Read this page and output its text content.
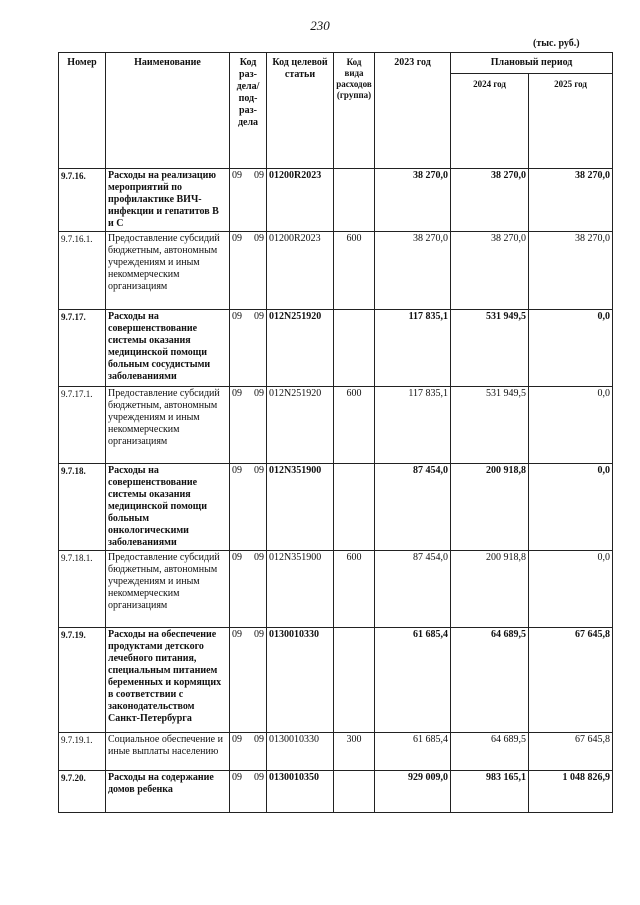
230
(тыс. руб.)
Номер	Наименование	Код раз-дела/ под-раз-дела		Код целевой статьи	Код вида расходов (группа)	2023 год	Плановый период	
							2024 год	2025 год
9.7.16.	Расходы на реализацию мероприятий по профилактике ВИЧ-инфекции и гепатитов В и С	09	09	01200R2023		38 270,0	38 270,0	38 270,0
9.7.16.1.	Предоставление субсидий бюджетным, автономным учреждениям и иным некоммерческим организациям	09	09	01200R2023	600	38 270,0	38 270,0	38 270,0
9.7.17.	Расходы на совершенствование системы оказания медицинской помощи больным сосудистыми заболеваниями	09	09	012N251920		117 835,1	531 949,5	0,0
9.7.17.1.	Предоставление субсидий бюджетным, автономным учреждениям и иным некоммерческим организациям	09	09	012N251920	600	117 835,1	531 949,5	0,0
9.7.18.	Расходы на совершенствование системы оказания медицинской помощи больным онкологическими заболеваниями	09	09	012N351900		87 454,0	200 918,8	0,0
9.7.18.1.	Предоставление субсидий бюджетным, автономным учреждениям и иным некоммерческим организациям	09	09	012N351900	600	87 454,0	200 918,8	0,0
9.7.19.	Расходы на обеспечение продуктами детского лечебного питания, специальным питанием беременных и кормящих в соответствии с законодательством Санкт-Петербурга	09	09	0130010330		61 685,4	64 689,5	67 645,8
9.7.19.1.	Социальное обеспечение и иные выплаты населению	09	09	0130010330	300	61 685,4	64 689,5	67 645,8
9.7.20.	Расходы на содержание домов ребенка	09	09	0130010350		929 009,0	983 165,1	1 048 826,9
